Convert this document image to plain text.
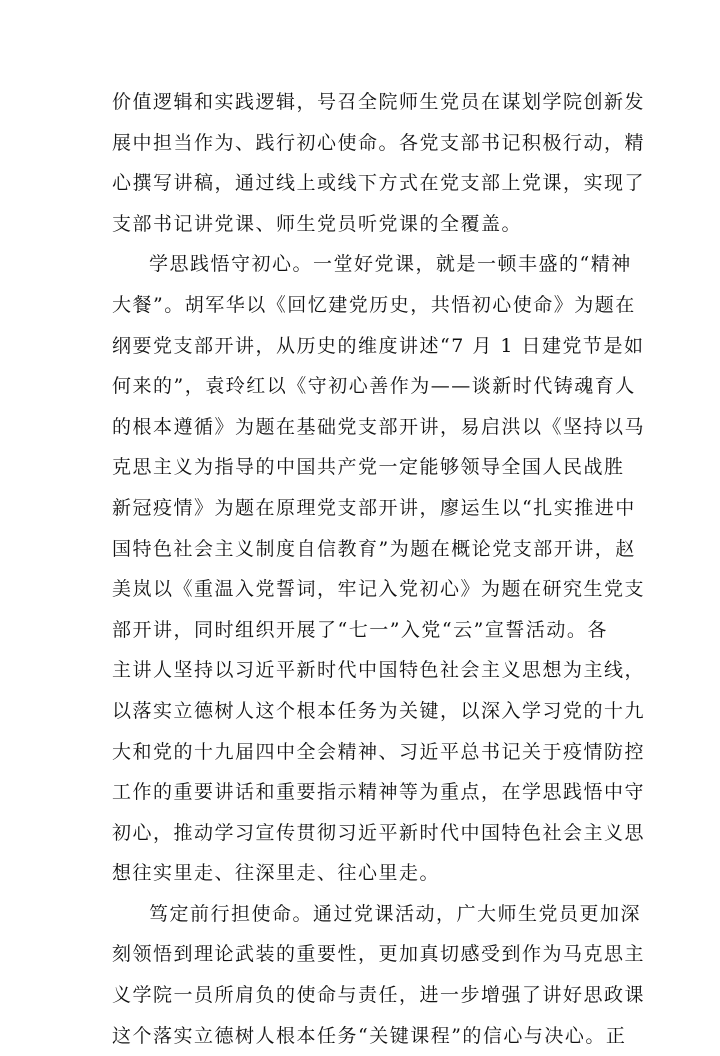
价值逻辑和实践逻辑，号召全院师生党员在谋划学院创新发
展中担当作为、践行初心使命。各党支部书记积极行动，精
心撰写讲稿，通过线上或线下方式在党支部上党课，实现了
支部书记讲党课、师生党员听党课的全覆盖。

学思践悟守初心。一堂好党课，就是一顿丰盛的“精神
大餐”。胡军华以《回忆建党历史，共悟初心使命》为题在
纲要党支部开讲，从历史的维度讲述“7 月 1 日建党节是如
何来的”，袁玲红以《守初心善作为——谈新时代铸魂育人
的根本遵循》为题在基础党支部开讲，易启洪以《坚持以马
克思主义为指导的中国共产党一定能够领导全国人民战胜
新冠疫情》为题在原理党支部开讲，廖运生以“扎实推进中
国特色社会主义制度自信教育”为题在概论党支部开讲，赵
美岚以《重温入党誓词，牢记入党初心》为题在研究生党支
部开讲，同时组织开展了“七一”入党“云”宣誓活动。各
主讲人坚持以习近平新时代中国特色社会主义思想为主线，
以落实立德树人这个根本任务为关键，以深入学习党的十九
大和党的十九届四中全会精神、习近平总书记关于疫情防控
工作的重要讲话和重要指示精神等为重点，在学思践悟中守
初心，推动学习宣传贯彻习近平新时代中国特色社会主义思
想往实里走、往深里走、往心里走。

笃定前行担使命。通过党课活动，广大师生党员更加深
刻领悟到理论武装的重要性，更加真切感受到作为马克思主
义学院一员所肩负的使命与责任，进一步增强了讲好思政课
这个落实立德树人根本任务“关键课程”的信心与决心。正
